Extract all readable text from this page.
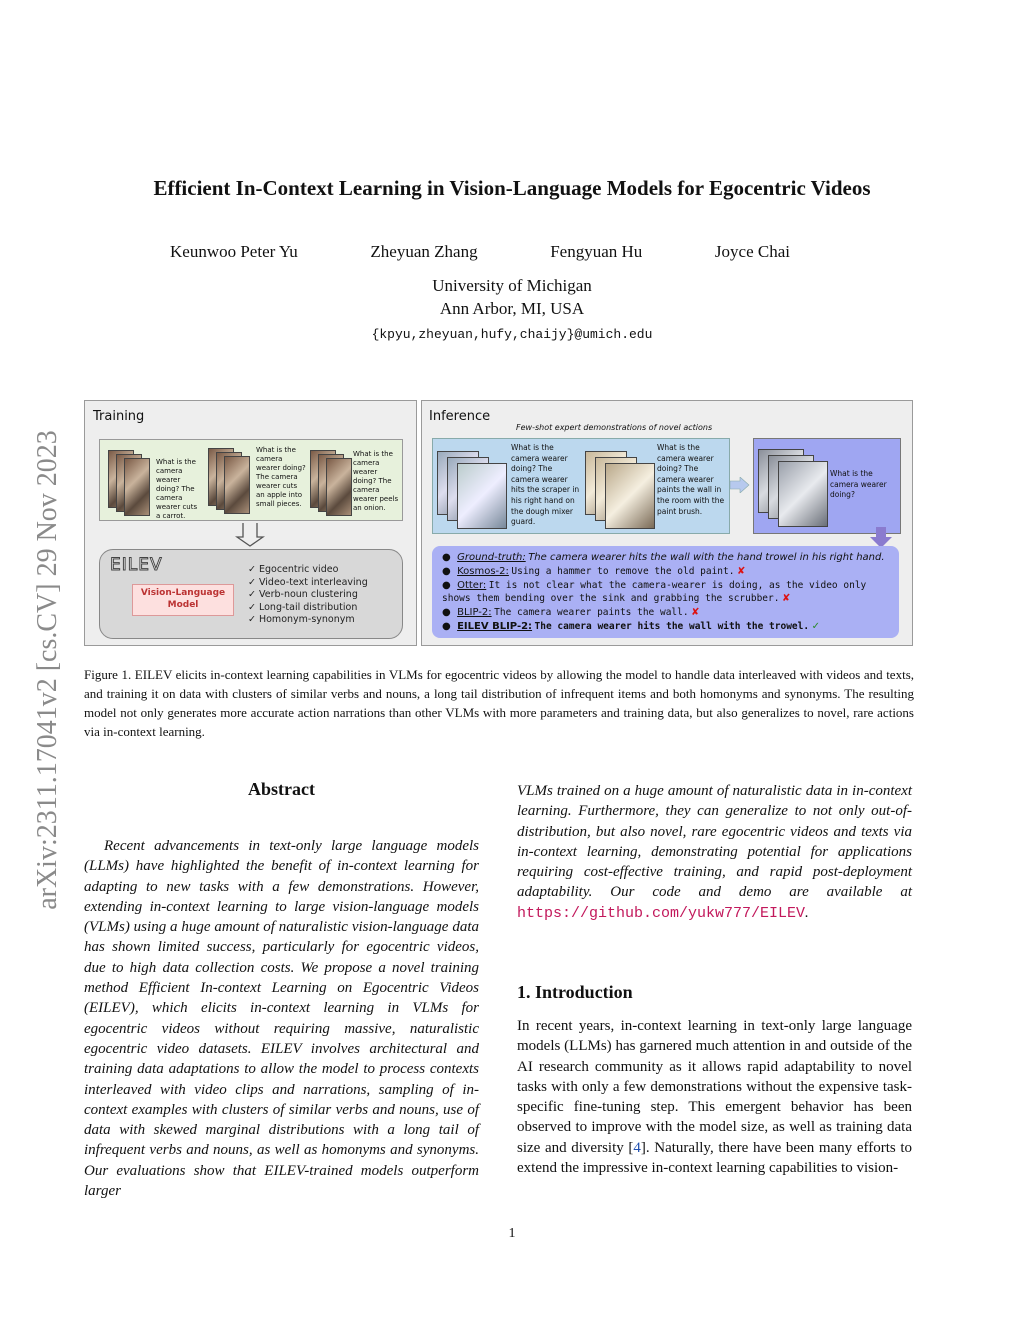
Efficient In-Context Learning in Vision-Language Models for Egocentric Videos
Keunwoo Peter Yu	Zheyuan Zhang	Fengyuan Hu	Joyce Chai
University of Michigan
Ann Arbor, MI, USA
{kpyu,zheyuan,hufy,chaijy}@umich.edu
arXiv:2311.17041v2 [cs.CV] 29 Nov 2023
Training
What is the camera wearer doing? The camera wearer cuts a carrot.
What is the camera wearer doing? The camera wearer cuts an apple into small pieces.
What is the camera wearer doing? The camera wearer peels an onion.
EILEV
Vision-Language Model
✓ Egocentric video
✓ Video-text interleaving
✓ Verb-noun clustering
✓ Long-tail distribution
✓ Homonym-synonym
Inference
Few-shot expert demonstrations of novel actions
What is the camera wearer doing? The camera wearer hits the scraper in his right hand on the dough mixer guard.
What is the camera wearer doing? The camera wearer paints the wall in the room with the paint brush.
What is the camera wearer doing?
●  Ground-truth: The camera wearer hits the wall with the hand trowel in his right hand.
●  Kosmos-2: Using a hammer to remove the old paint. ✘
●  Otter: It is not clear what the camera-wearer is doing, as the video only shows them bending over the sink and grabbing the scrubber. ✘
●  BLIP-2: The camera wearer paints the wall. ✘
●  EILEV BLIP-2: The camera wearer hits the wall with the trowel. ✓
Figure 1. EILEV elicits in-context learning capabilities in VLMs for egocentric videos by allowing the model to handle data interleaved with videos and texts, and training it on data with clusters of similar verbs and nouns, a long tail distribution of infrequent items and both homonyms and synonyms. The resulting model not only generates more accurate action narrations than other VLMs with more parameters and training data, but also generalizes to novel, rare actions via in-context learning.
Abstract
Recent advancements in text-only large language models (LLMs) have highlighted the benefit of in-context learning for adapting to new tasks with a few demonstrations. However, extending in-context learning to large vision-language models (VLMs) using a huge amount of naturalistic vision-language data has shown limited success, particularly for egocentric videos, due to high data collection costs. We propose a novel training method Efficient In-context Learning on Egocentric Videos (EILEV), which elicits in-context learning in VLMs for egocentric videos without requiring massive, naturalistic egocentric video datasets. EILEV involves architectural and training data adaptations to allow the model to process contexts interleaved with video clips and narrations, sampling of in-context examples with clusters of similar verbs and nouns, use of data with skewed marginal distributions with a long tail of infrequent verbs and nouns, as well as homonyms and synonyms. Our evaluations show that EILEV-trained models outperform larger
VLMs trained on a huge amount of naturalistic data in in-context learning. Furthermore, they can generalize to not only out-of-distribution, but also novel, rare egocentric videos and texts via in-context learning, demonstrating potential for applications requiring cost-effective training, and rapid post-deployment adaptability. Our code and demo are available at https://github.com/yukw777/EILEV.
1. Introduction
In recent years, in-context learning in text-only large language models (LLMs) has garnered much attention in and outside of the AI research community as it allows rapid adaptability to novel tasks with only a few demonstrations without the expensive task-specific fine-tuning step. This emergent behavior has been observed to improve with the model size, as well as training data size and diversity [4]. Naturally, there have been many efforts to extend the impressive in-context learning capabilities to vision-
1
